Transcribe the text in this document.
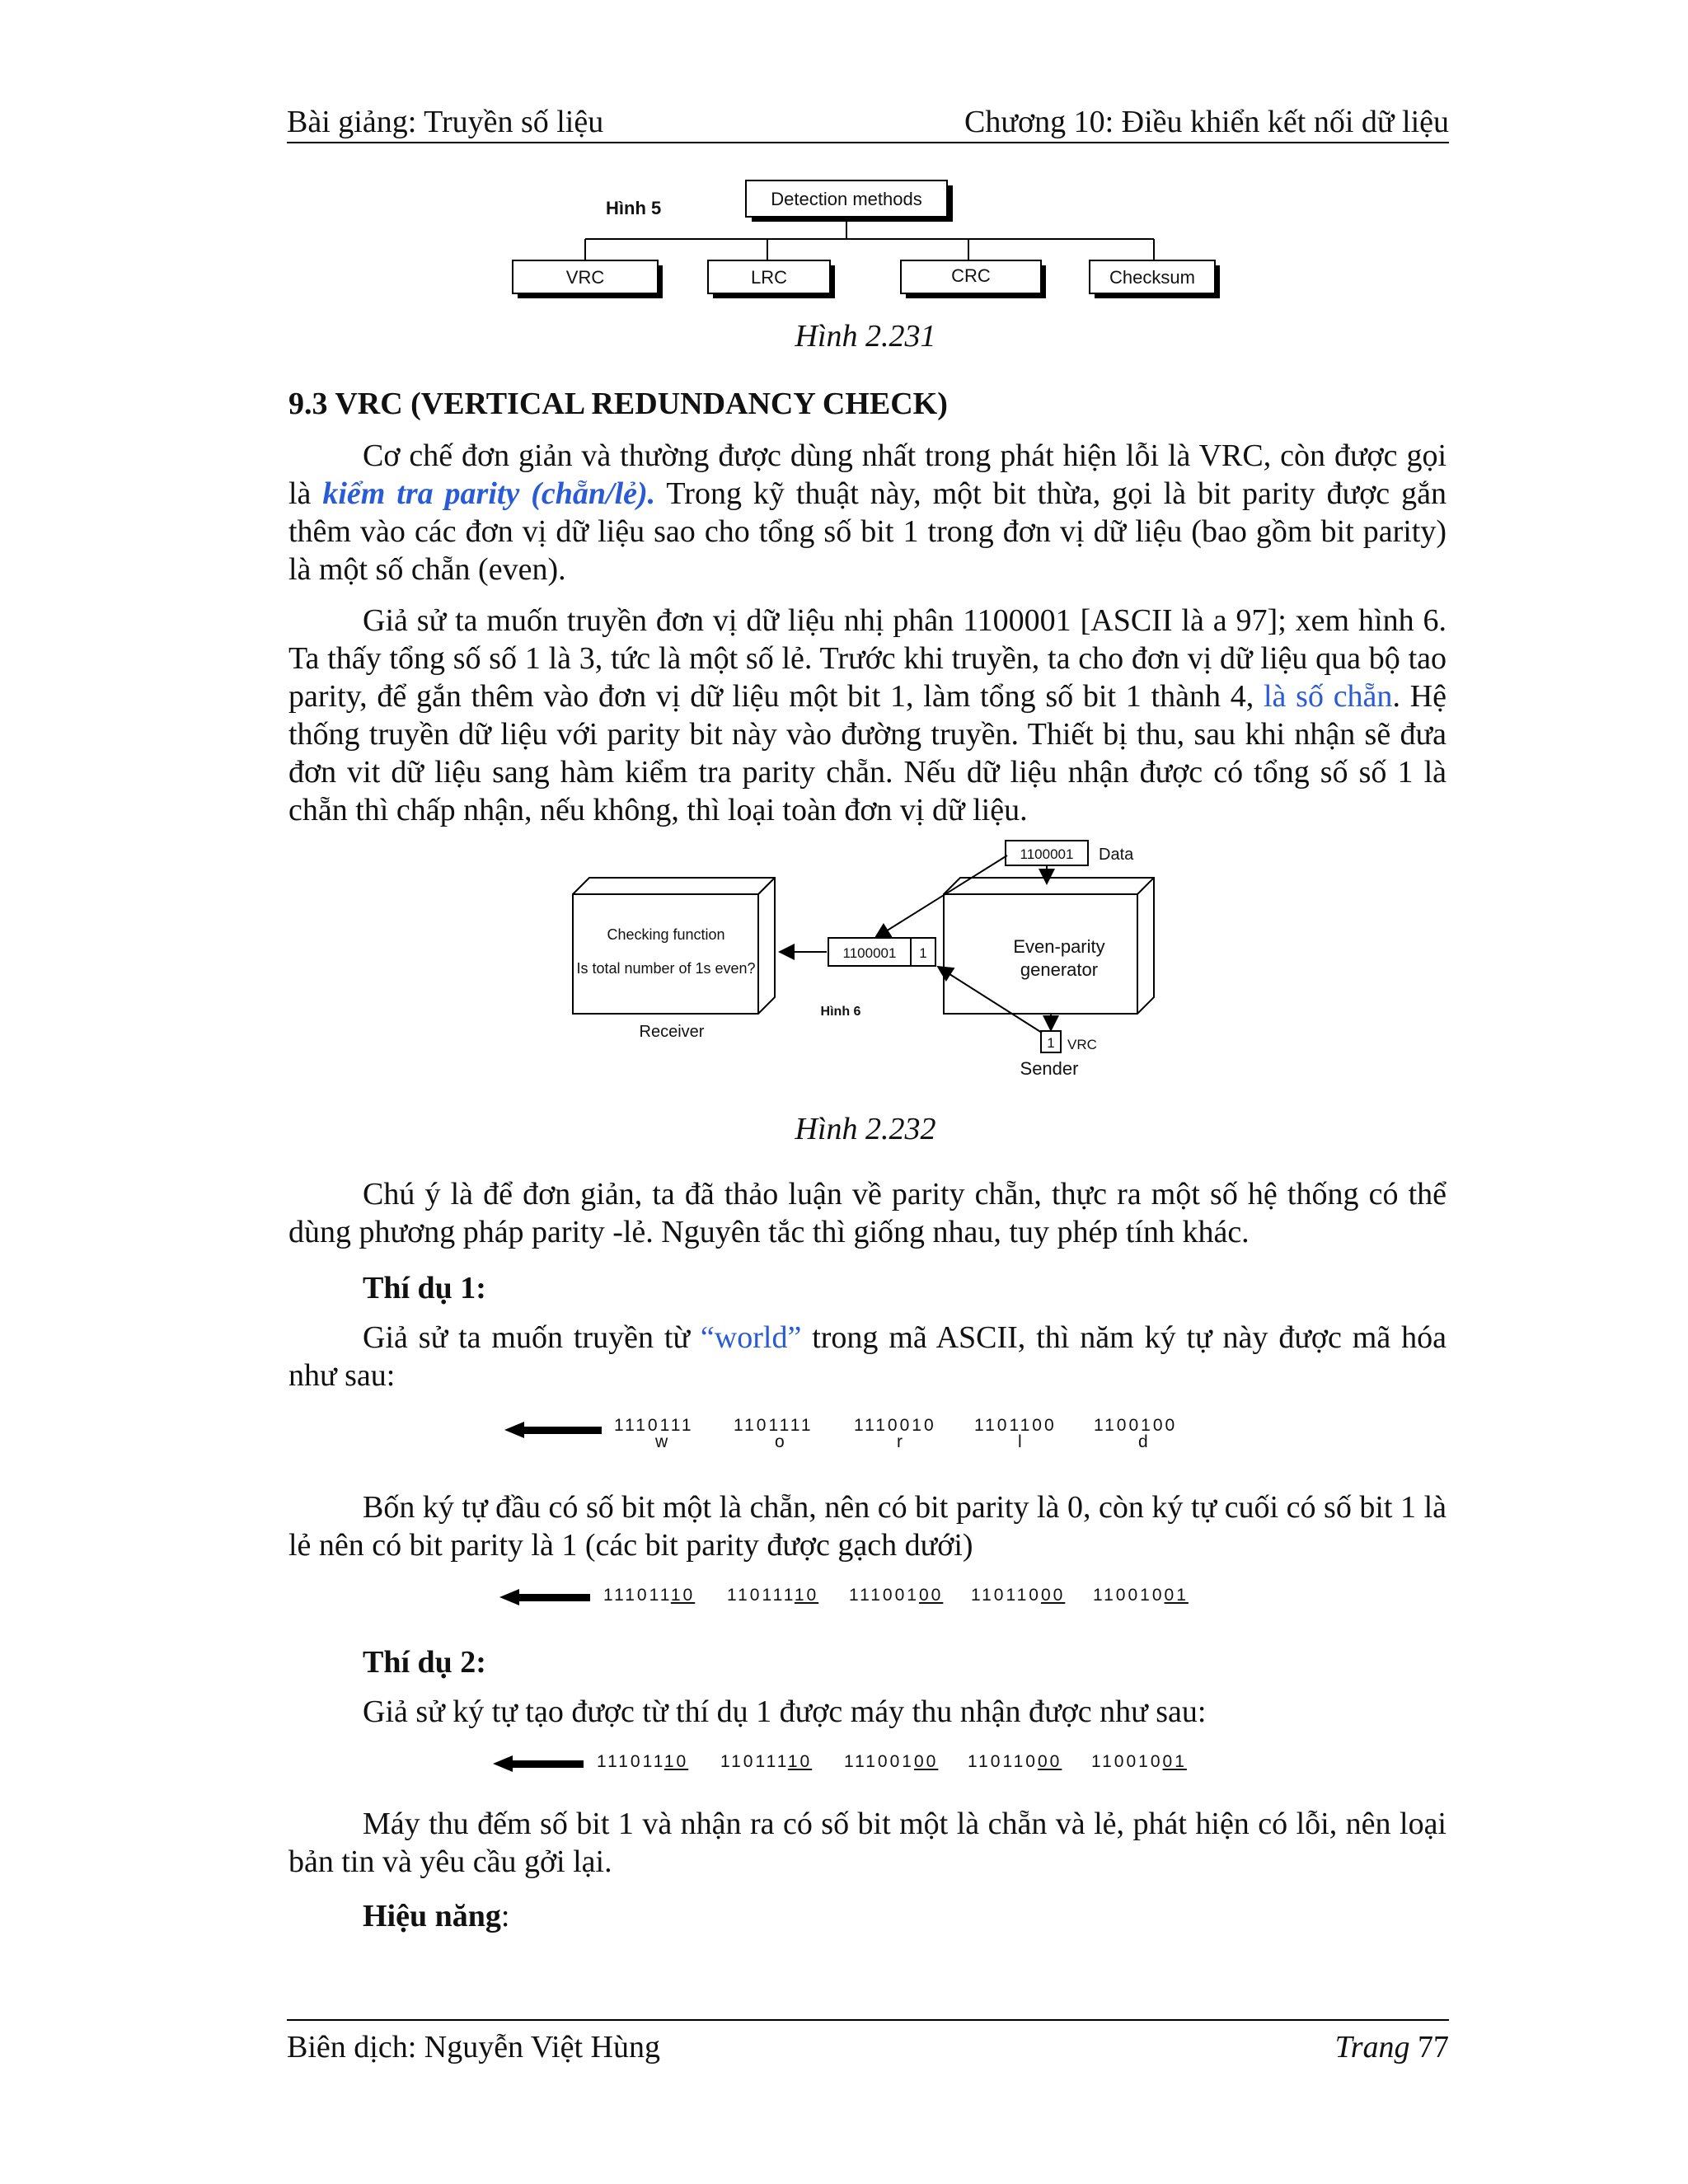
Bài giảng: Truyền số liệu	Chương 10: Điều khiển kết nối dữ liệu
Hình 5	Detection methods
VRC	LRC	CRC	Checksum
Hình 2.231
9.3 VRC (VERTICAL REDUNDANCY CHECK)
Cơ chế đơn giản và thường được dùng nhất trong phát hiện lỗi là VRC, còn được gọi là kiểm tra parity (chẵn/lẻ). Trong kỹ thuật này, một bit thừa, gọi là bit parity được gắn thêm vào các đơn vị dữ liệu sao cho tổng số bit 1 trong đơn vị dữ liệu (bao gồm bit parity) là một số chẵn (even).
Giả sử ta muốn truyền đơn vị dữ liệu nhị phân 1100001 [ASCII là a 97]; xem hình 6. Ta thấy tổng số số 1 là 3, tức là một số lẻ. Trước khi truyền, ta cho đơn vị dữ liệu qua bộ tao parity, để gắn thêm vào đơn vị dữ liệu một bit 1, làm tổng số bit 1 thành 4, là số chẵn. Hệ thống truyền dữ liệu với parity bit này vào đường truyền. Thiết bị thu, sau khi nhận sẽ đưa đơn vit dữ liệu sang hàm kiểm tra parity chẵn. Nếu dữ liệu nhận được có tổng số số 1 là chẵn thì chấp nhận, nếu không, thì loại toàn đơn vị dữ liệu.
Checking function
Is total number of 1s even?
Receiver
Even-parity
generator
1100001 Data
1100001 1
Hình 6
1 VRC
Sender
Hình 2.232
Chú ý là để đơn giản, ta đã thảo luận về parity chẵn, thực ra một số hệ thống có thể dùng phương pháp parity -lẻ. Nguyên tắc thì giống nhau, tuy phép tính khác.
Thí dụ 1:
Giả sử ta muốn truyền từ “world” trong mã ASCII, thì năm ký tự này được mã hóa như sau:
1110111 1101111 1110010 1101100 1100100
w	o	r	l	d
Bốn ký tự đầu có số bit một là chẵn, nên có bit parity là 0, còn ký tự cuối có số bit 1 là lẻ nên có bit parity là 1 (các bit parity được gạch dưới)
11101110 11011110 11100100 11011000 11001001
Thí dụ 2:
Giả sử ký tự tạo được từ thí dụ 1 được máy thu nhận được như sau:
11101110 11011110 11100100 11011000 11001001
Máy thu đếm số bit 1 và nhận ra có số bit một là chẵn và lẻ, phát hiện có lỗi, nên loại bản tin và yêu cầu gởi lại.
Hiệu năng:
Biên dịch: Nguyễn Việt Hùng	Trang 77
